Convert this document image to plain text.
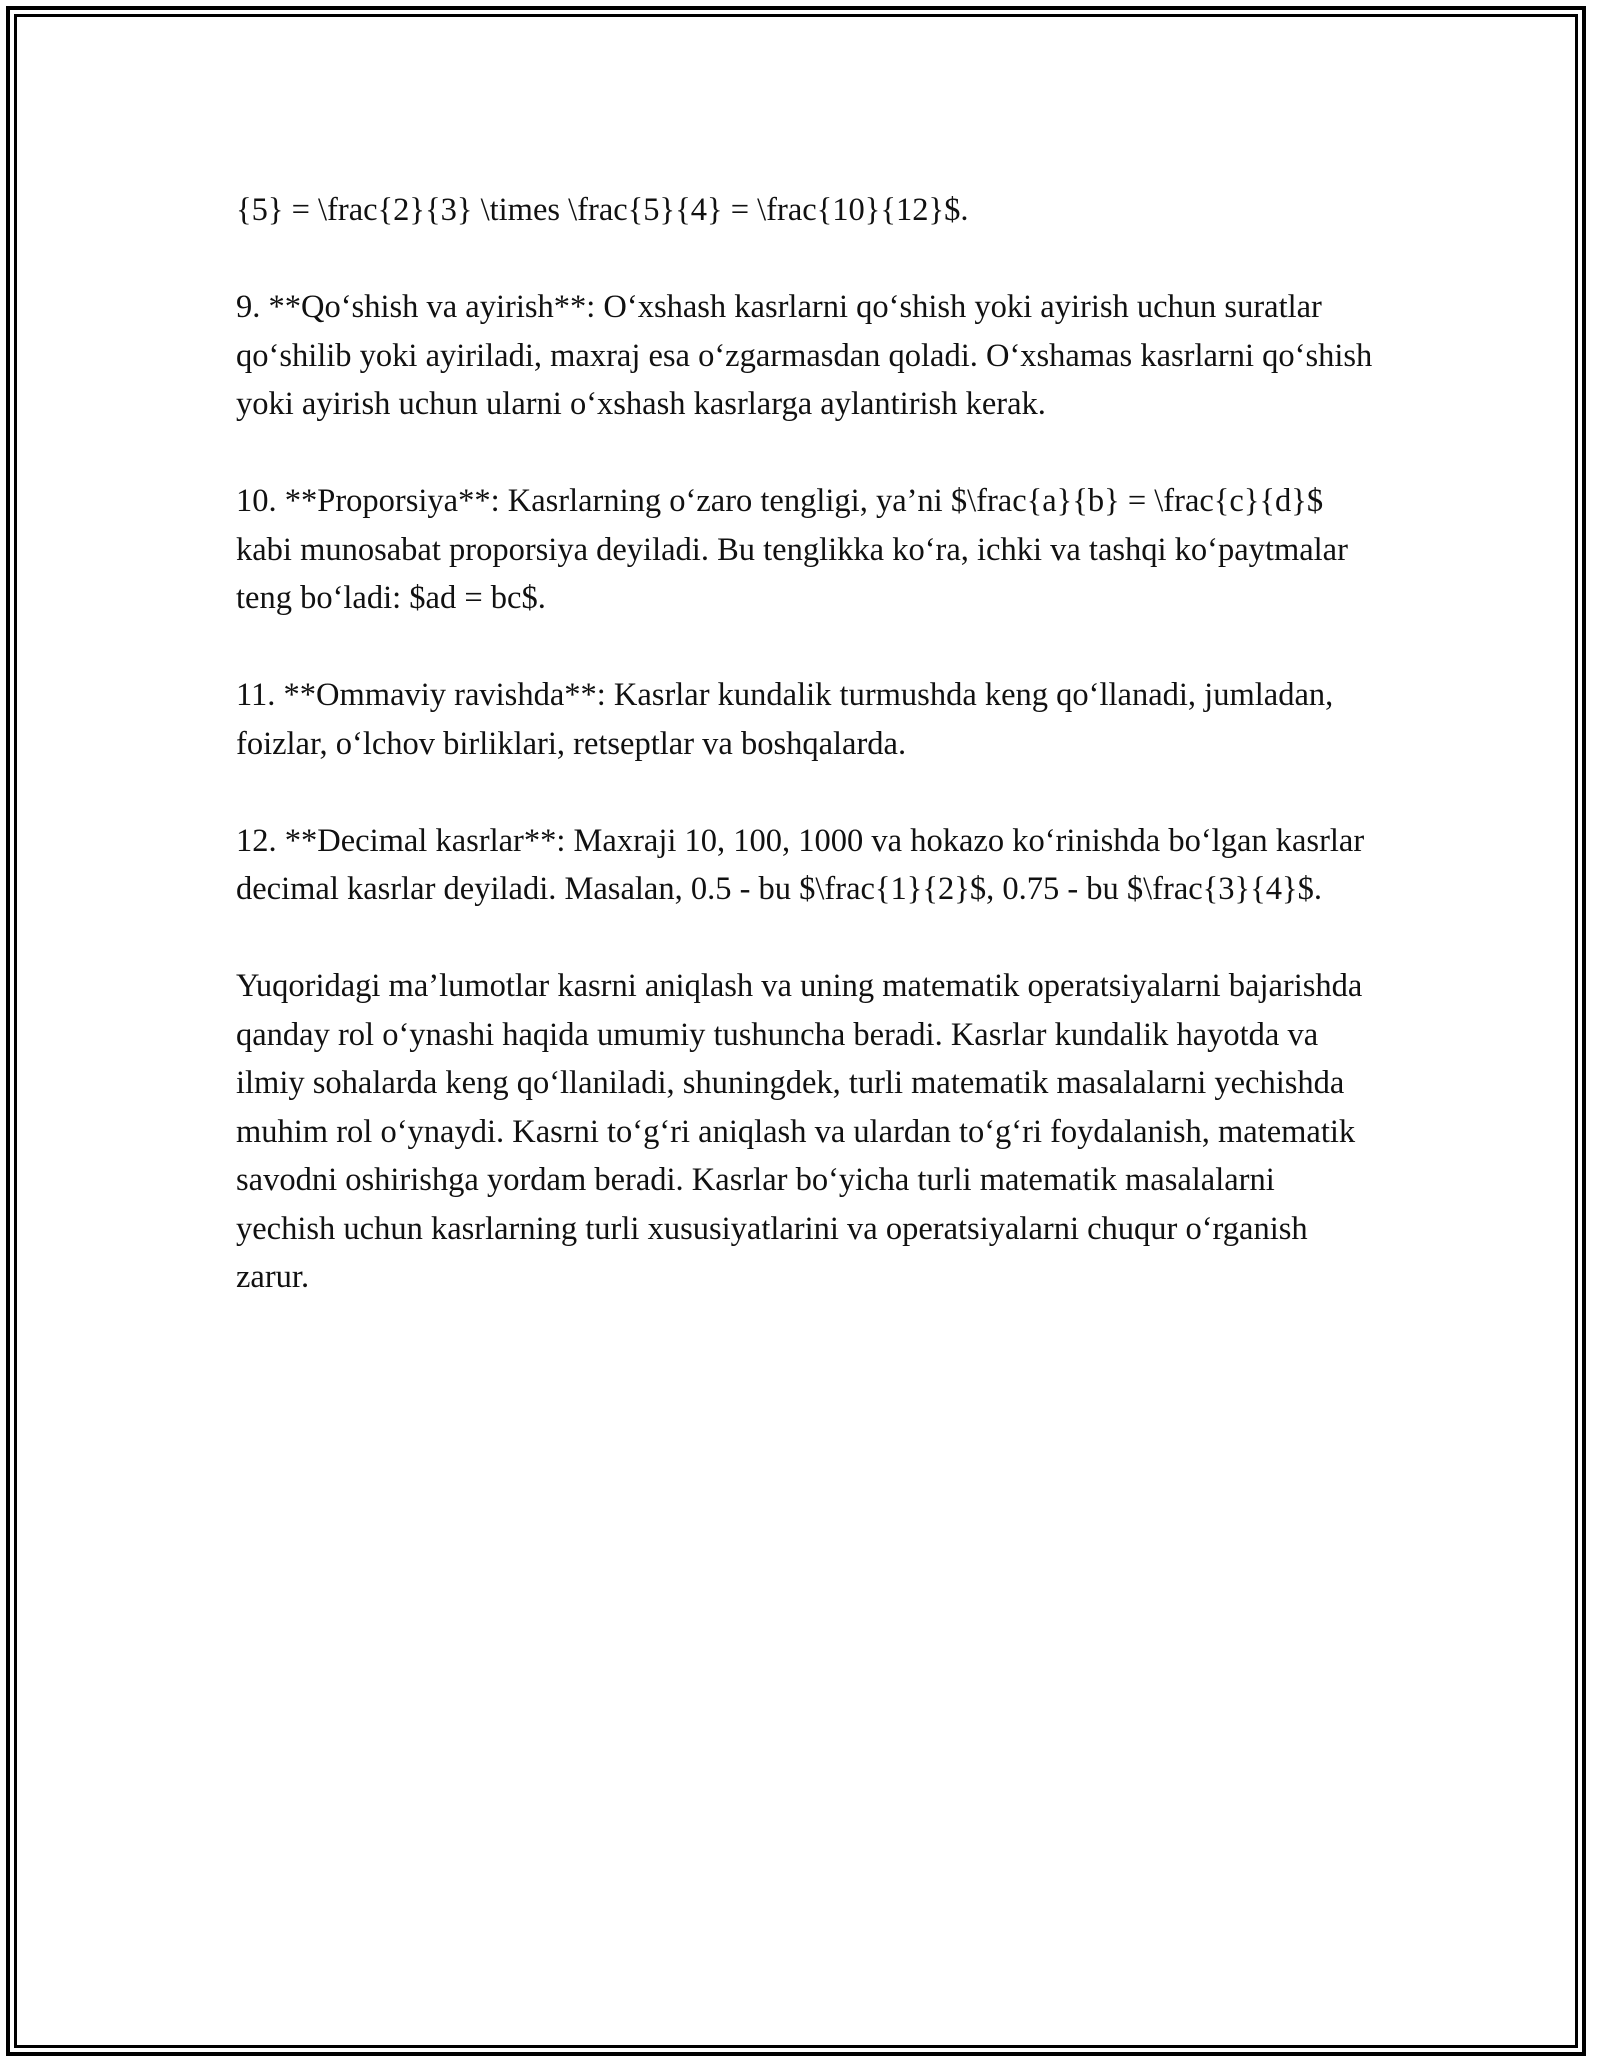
{5} = \frac{2}{3} \times \frac{5}{4} = \frac{10}{12}$.

9. **Qo‘shish va ayirish**: O‘xshash kasrlarni qo‘shish yoki ayirish uchun suratlar qo‘shilib yoki ayiriladi, maxraj esa o‘zgarmasdan qoladi. O‘xshamas kasrlarni qo‘shish yoki ayirish uchun ularni o‘xshash kasrlarga aylantirish kerak.

10. **Proporsiya**: Kasrlarning o‘zaro tengligi, ya’ni $\frac{a}{b} = \frac{c}{d}$ kabi munosabat proporsiya deyiladi. Bu tenglikka ko‘ra, ichki va tashqi ko‘paytmalar teng bo‘ladi: $ad = bc$.

11. **Ommaviy ravishda**: Kasrlar kundalik turmushda keng qo‘llanadi, jumladan, foizlar, o‘lchov birliklari, retseptlar va boshqalarda.

12. **Decimal kasrlar**: Maxraji 10, 100, 1000 va hokazo ko‘rinishda bo‘lgan kasrlar decimal kasrlar deyiladi. Masalan, 0.5 - bu $\frac{1}{2}$, 0.75 - bu $\frac{3}{4}$.

Yuqoridagi ma’lumotlar kasrni aniqlash va uning matematik operatsiyalarni bajarishda qanday rol o‘ynashi haqida umumiy tushuncha beradi. Kasrlar kundalik hayotda va ilmiy sohalarda keng qo‘llaniladi, shuningdek, turli matematik masalalarni yechishda muhim rol o‘ynaydi. Kasrni to‘g‘ri aniqlash va ulardan to‘g‘ri foydalanish, matematik savodni oshirishga yordam beradi. Kasrlar bo‘yicha turli matematik masalalarni yechish uchun kasrlarning turli xususiyatlarini va operatsiyalarni chuqur o‘rganish zarur.
